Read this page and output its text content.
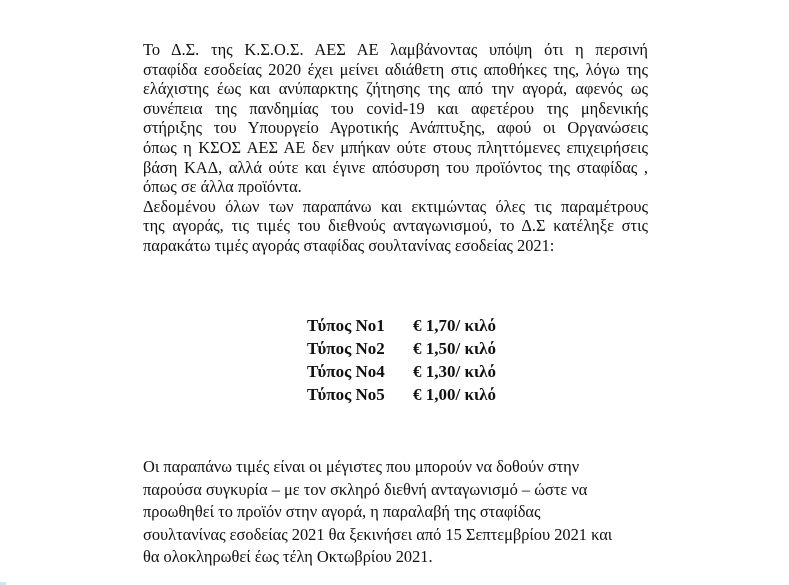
Το Δ.Σ. της Κ.Σ.Ο.Σ. ΑΕΣ ΑΕ λαμβάνοντας υπόψη ότι η περσινή
σταφίδα εσοδείας 2020 έχει μείνει αδιάθετη στις αποθήκες της, λόγω της
ελάχιστης έως και ανύπαρκτης ζήτησης της από την αγορά, αφενός ως
συνέπεια της πανδημίας του covid-19 και αφετέρου της μηδενικής
στήριξης του Υπουργείο Αγροτικής Ανάπτυξης, αφού οι Οργανώσεις
όπως η ΚΣΟΣ ΑΕΣ ΑΕ δεν μπήκαν ούτε στους πληττόμενες επιχειρήσεις
βάση ΚΑΔ, αλλά ούτε και έγινε απόσυρση του προϊόντος της σταφίδας ,
όπως σε άλλα προϊόντα.
Δεδομένου όλων των παραπάνω και εκτιμώντας όλες τις παραμέτρους
της αγοράς, τις τιμές του διεθνούς ανταγωνισμού, το Δ.Σ κατέληξε στις
παρακάτω τιμές αγοράς σταφίδας σουλτανίνας εσοδείας 2021:
Τύπος Νο1	€ 1,70/ κιλό
Τύπος Νο2	€ 1,50/ κιλό
Τύπος Νο4	€ 1,30/ κιλό
Τύπος Νο5	€ 1,00/ κιλό
Οι παραπάνω τιμές είναι οι μέγιστες που μπορούν να δοθούν στην
παρούσα συγκυρία – με τον σκληρό διεθνή ανταγωνισμό – ώστε να
προωθηθεί το προϊόν στην αγορά, η παραλαβή της σταφίδας
σουλτανίνας εσοδείας 2021 θα ξεκινήσει από 15 Σεπτεμβρίου 2021 και
θα ολοκληρωθεί έως τέλη Οκτωβρίου 2021.
